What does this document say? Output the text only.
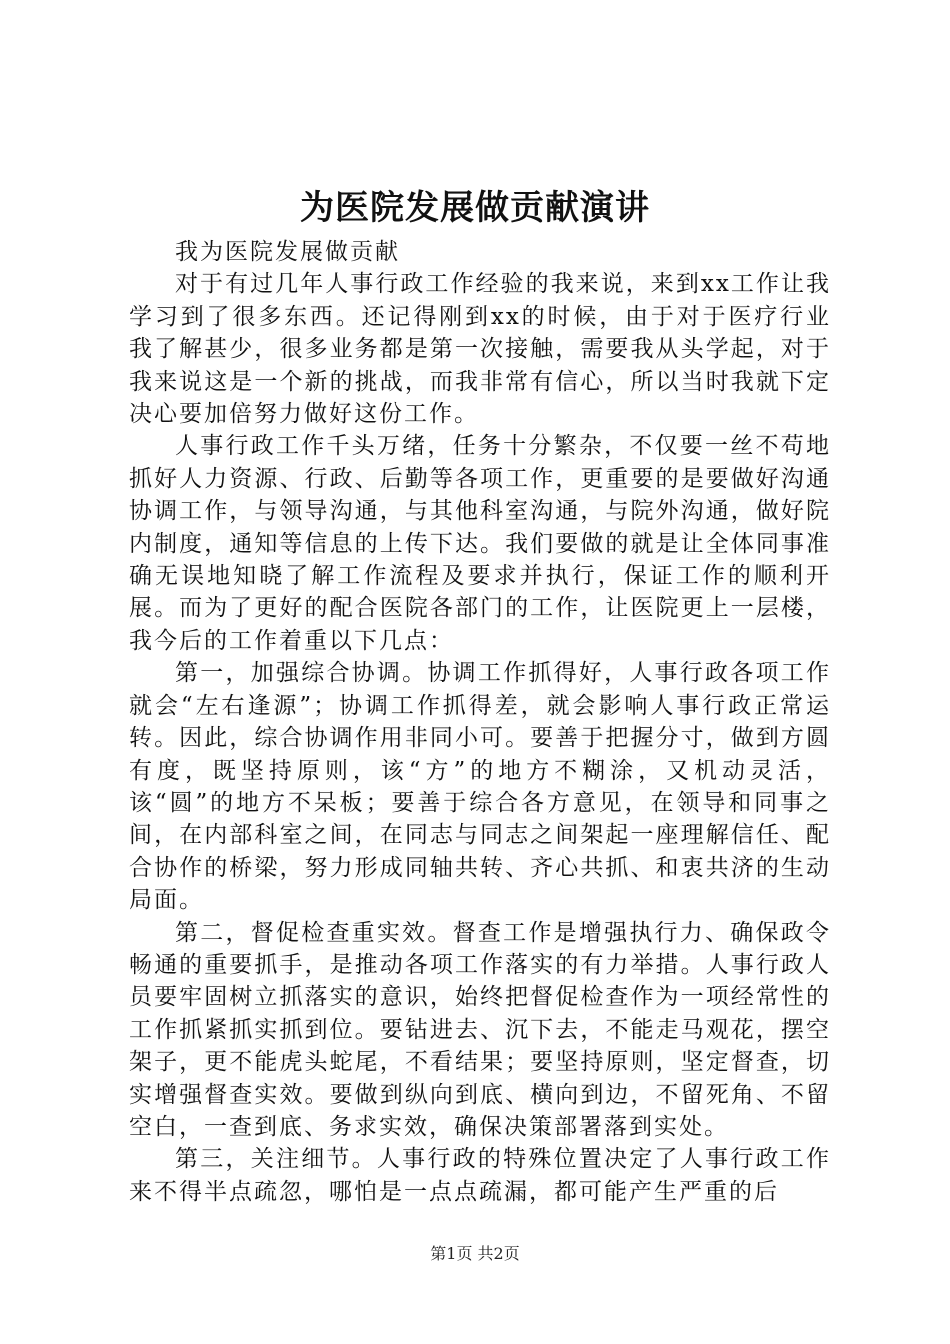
为医院发展做贡献演讲

我为医院发展做贡献

对于有过几年人事行政工作经验的我来说，来到xx工作让我学习到了很多东西。还记得刚到xx的时候，由于对于医疗行业我了解甚少，很多业务都是第一次接触，需要我从头学起，对于我来说这是一个新的挑战，而我非常有信心，所以当时我就下定决心要加倍努力做好这份工作。

人事行政工作千头万绪，任务十分繁杂，不仅要一丝不苟地抓好人力资源、行政、后勤等各项工作，更重要的是要做好沟通协调工作，与领导沟通，与其他科室沟通，与院外沟通，做好院内制度，通知等信息的上传下达。我们要做的就是让全体同事准确无误地知晓了解工作流程及要求并执行，保证工作的顺利开展。而为了更好的配合医院各部门的工作，让医院更上一层楼，我今后的工作着重以下几点：

第一，加强综合协调。协调工作抓得好，人事行政各项工作就会“左右逢源”；协调工作抓得差，就会影响人事行政正常运转。因此，综合协调作用非同小可。要善于把握分寸，做到方圆有度，既坚持原则，该“方”的地方不糊涂，又机动灵活，该“圆”的地方不呆板；要善于综合各方意见，在领导和同事之间，在内部科室之间，在同志与同志之间架起一座理解信任、配合协作的桥梁，努力形成同轴共转、齐心共抓、和衷共济的生动局面。

第二，督促检查重实效。督查工作是增强执行力、确保政令畅通的重要抓手，是推动各项工作落实的有力举措。人事行政人员要牢固树立抓落实的意识，始终把督促检查作为一项经常性的工作抓紧抓实抓到位。要钻进去、沉下去，不能走马观花，摆空架子，更不能虎头蛇尾，不看结果；要坚持原则，坚定督查，切实增强督查实效。要做到纵向到底、横向到边，不留死角、不留空白，一查到底、务求实效，确保决策部署落到实处。

第三，关注细节。人事行政的特殊位置决定了人事行政工作来不得半点疏忽，哪怕是一点点疏漏，都可能产生严重的后

第1页 共2页
